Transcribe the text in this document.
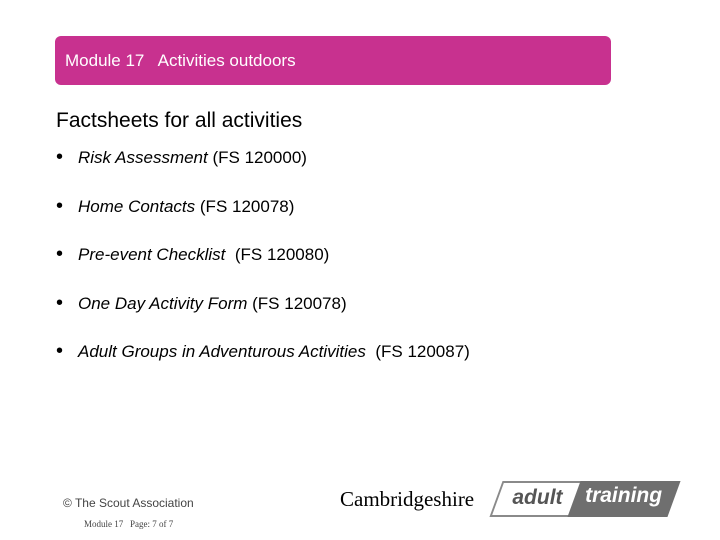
Module 17 Activities outdoors
Factsheets for all activities
• Risk Assessment (FS 120000)
• Home Contacts (FS 120078)
• Pre-event Checklist  (FS 120080)
• One Day Activity Form (FS 120078)
• Adult Groups in Adventurous Activities  (FS 120087)
© The Scout Association
Module 17   Page: 7 of 7
Cambridgeshire adult training
